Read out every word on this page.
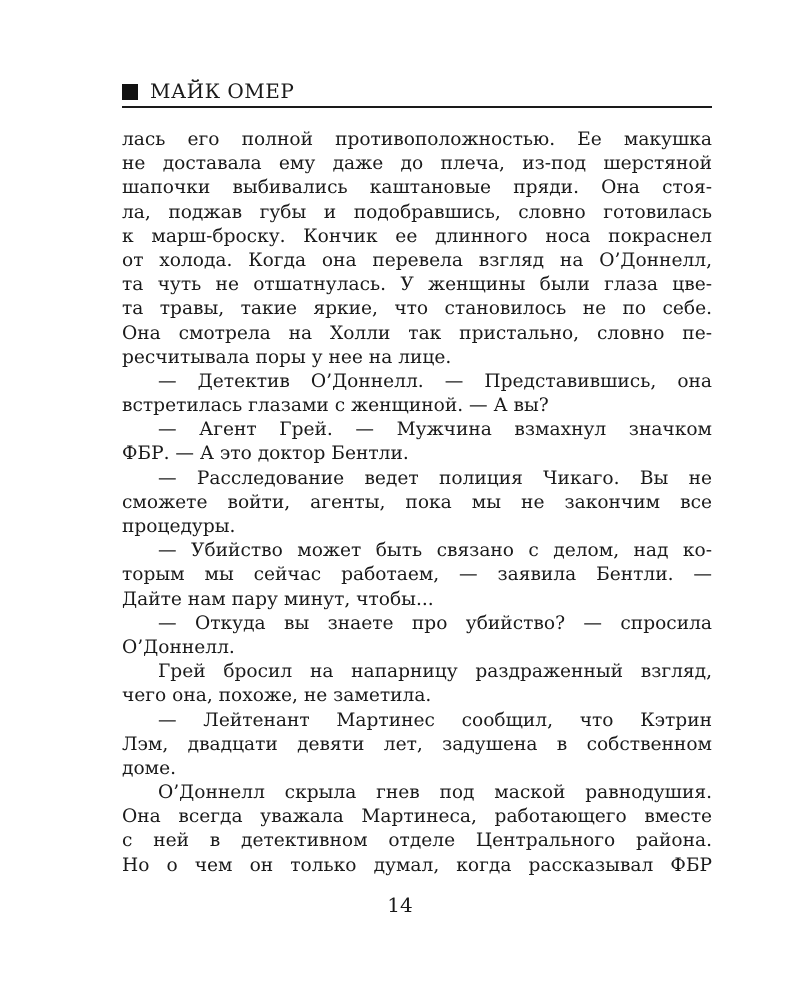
МАЙК ОМЕР
лась его полной противоположностью. Ее макушка
не доставала ему даже до плеча, из-под шерстяной
шапочки выбивались каштановые пряди. Она стоя-
ла, поджав губы и подобравшись, словно готовилась
к марш-броску. Кончик ее длинного носа покраснел
от холода. Когда она перевела взгляд на О’Доннелл,
та чуть не отшатнулась. У женщины были глаза цве-
та травы, такие яркие, что становилось не по себе.
Она смотрела на Холли так пристально, словно пе-
ресчитывала поры у нее на лице.
— Детектив О’Доннелл. — Представившись, она
встретилась глазами с женщиной. — А вы?
— Агент Грей. — Мужчина взмахнул значком
ФБР. — А это доктор Бентли.
— Расследование ведет полиция Чикаго. Вы не
сможете войти, агенты, пока мы не закончим все
процедуры.
— Убийство может быть связано с делом, над ко-
торым мы сейчас работаем, — заявила Бентли. —
Дайте нам пару минут, чтобы...
— Откуда вы знаете про убийство? — спросила
О’Доннелл.
Грей бросил на напарницу раздраженный взгляд,
чего она, похоже, не заметила.
— Лейтенант Мартинес сообщил, что Кэтрин
Лэм, двадцати девяти лет, задушена в собственном
доме.
О’Доннелл скрыла гнев под маской равнодушия.
Она всегда уважала Мартинеса, работающего вместе
с ней в детективном отделе Центрального района.
Но о чем он только думал, когда рассказывал ФБР
14
